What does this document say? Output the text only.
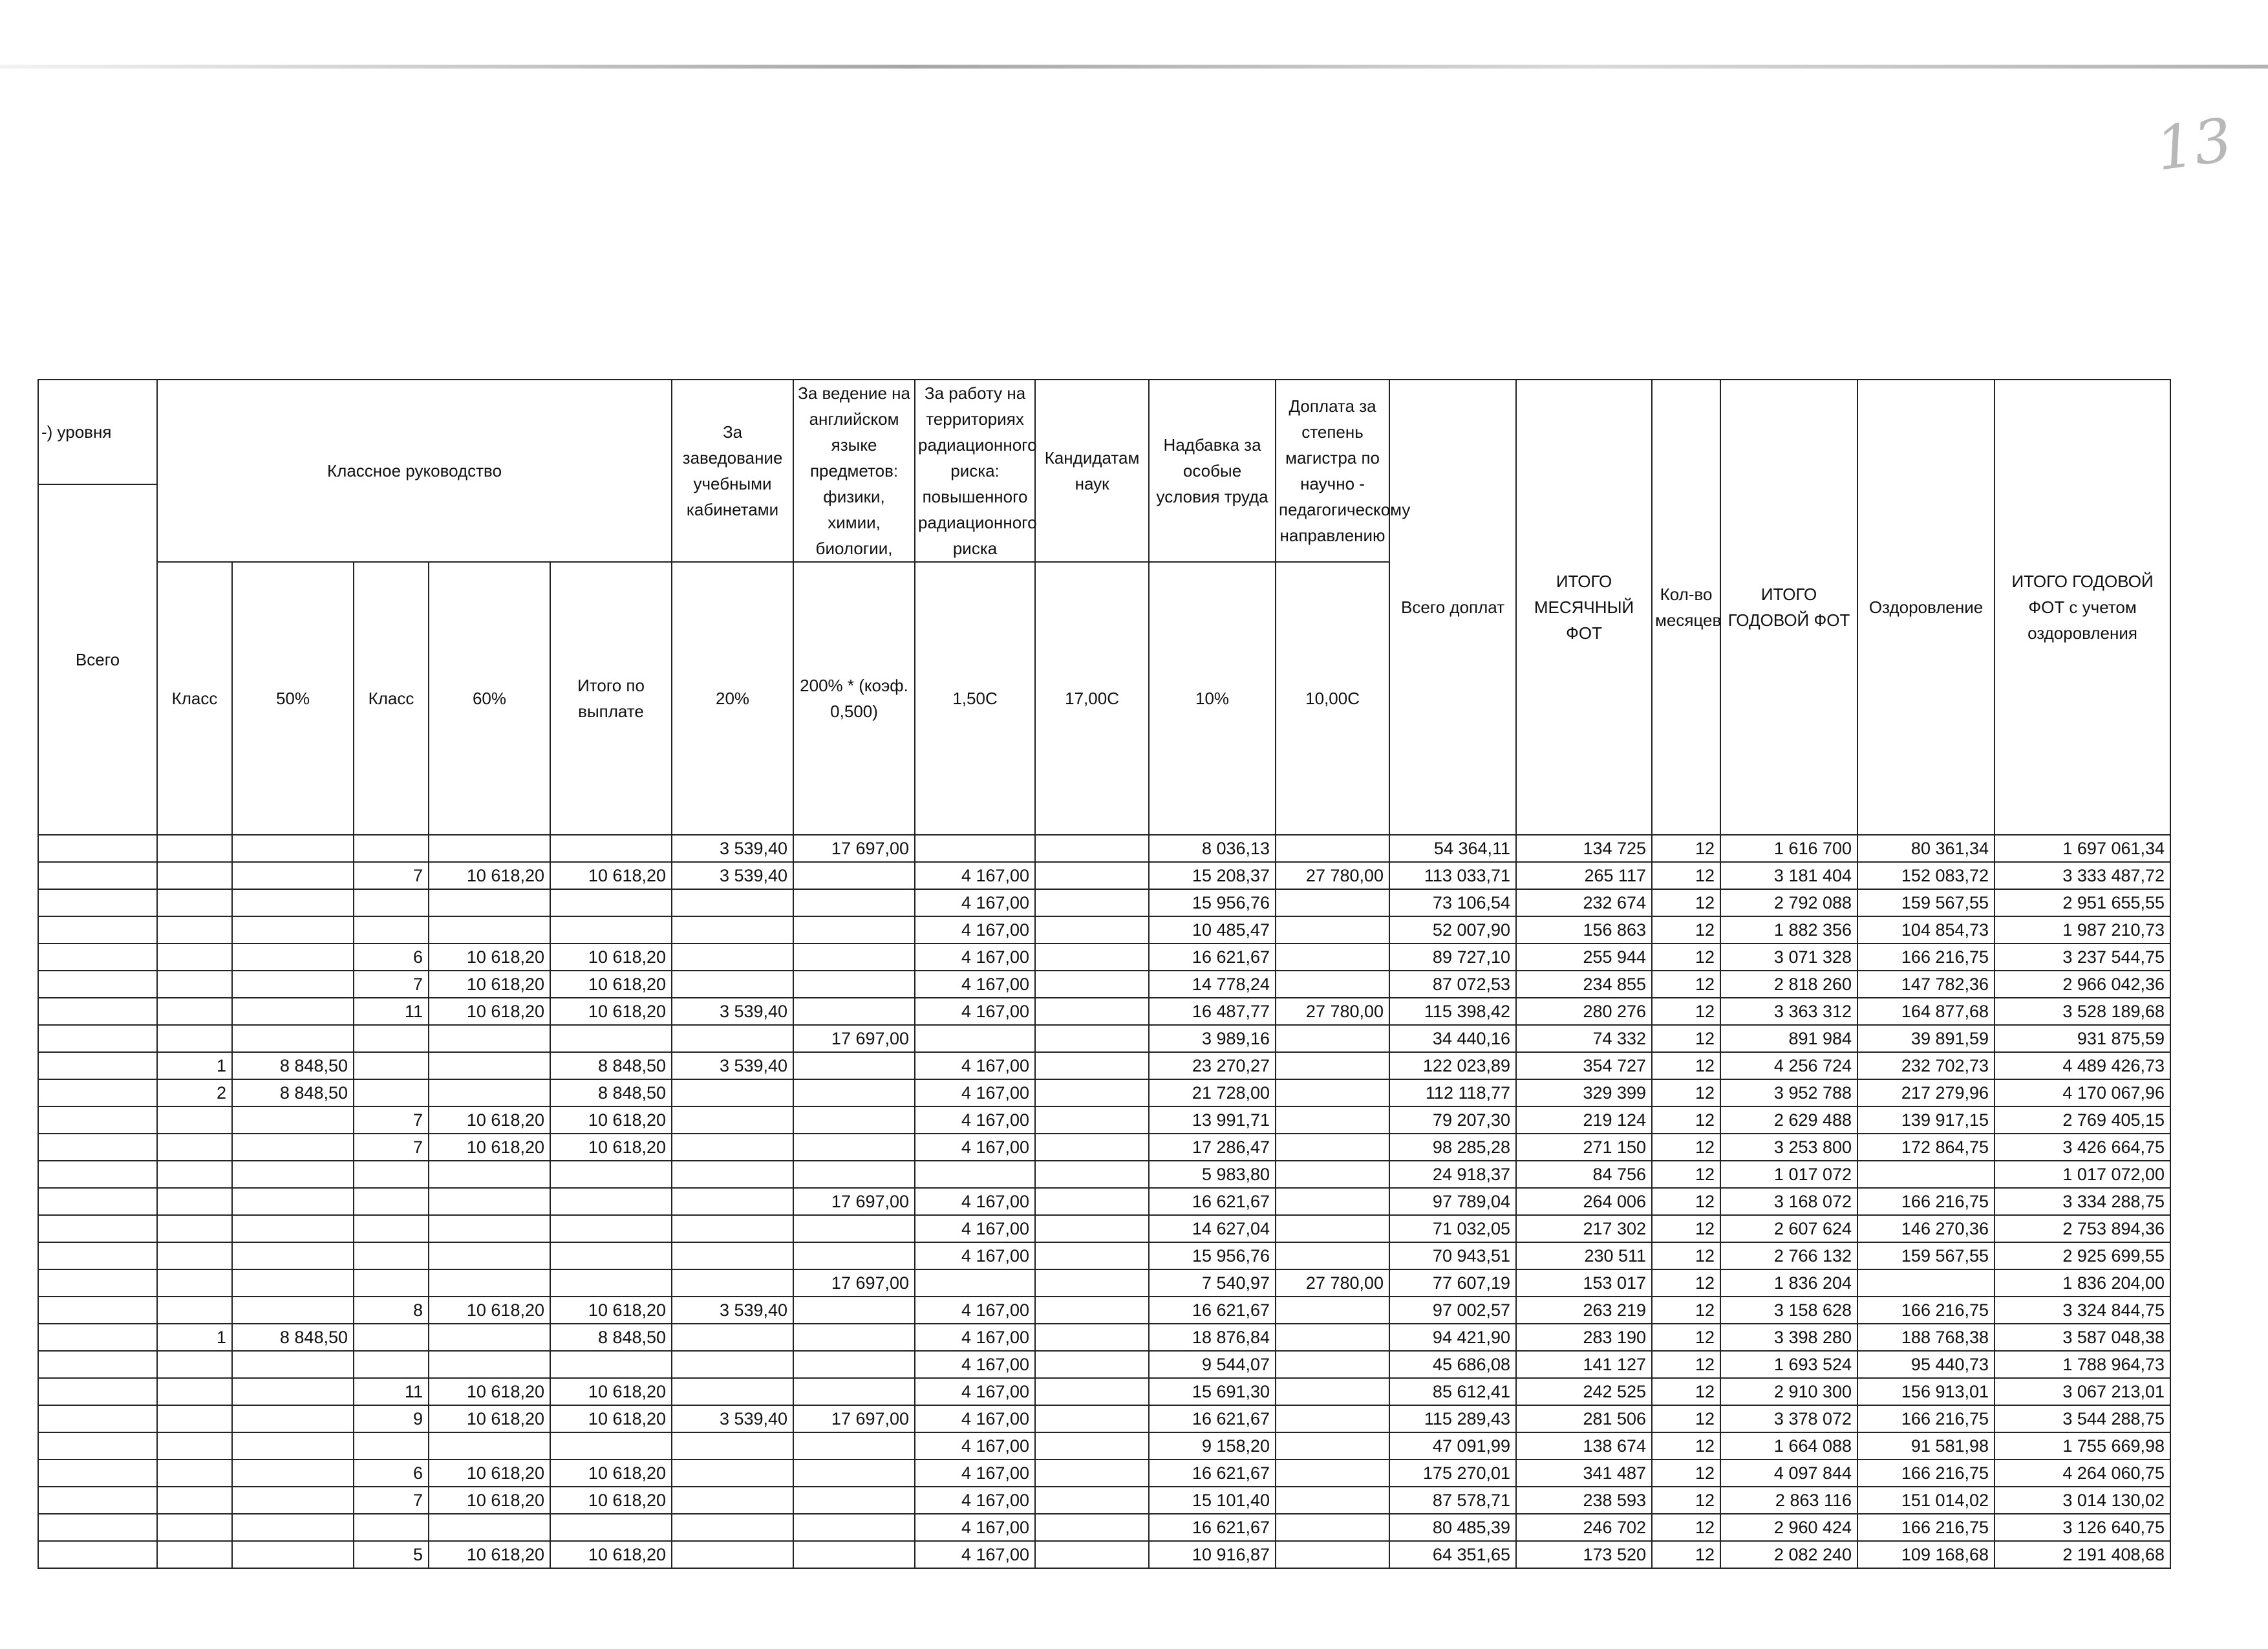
13
-) уровня	Классное руководство					За заведование учебными кабинетами	За ведение на английском языке предметов: физики, химии, биологии,	За работу на территориях радиационного риска: повышенного радиационного риска	Кандидатам наук	Надбавка за особые условия труда	Доплата за степень магистра по научно - педагогическому направлению	Всего доплат	ИТОГО МЕСЯЧНЫЙ ФОТ	Кол-во месяцев	ИТОГО ГОДОВОЙ ФОТ	Оздоровление	ИТОГО ГОДОВОЙ ФОТ с учетом оздоровления
Всего																	
	Класс	50%	Класс	60%	Итого по выплате	20%	200% * (коэф. 0,500)	1,50С	17,00С	10%	10,00С						
						3 539,40	17 697,00			8 036,13		54 364,11	134 725	12	1 616 700	80 361,34	1 697 061,34
			7	10 618,20	10 618,20	3 539,40		4 167,00		15 208,37	27 780,00	113 033,71	265 117	12	3 181 404	152 083,72	3 333 487,72
								4 167,00		15 956,76		73 106,54	232 674	12	2 792 088	159 567,55	2 951 655,55
								4 167,00		10 485,47		52 007,90	156 863	12	1 882 356	104 854,73	1 987 210,73
			6	10 618,20	10 618,20			4 167,00		16 621,67		89 727,10	255 944	12	3 071 328	166 216,75	3 237 544,75
			7	10 618,20	10 618,20			4 167,00		14 778,24		87 072,53	234 855	12	2 818 260	147 782,36	2 966 042,36
			11	10 618,20	10 618,20	3 539,40		4 167,00		16 487,77	27 780,00	115 398,42	280 276	12	3 363 312	164 877,68	3 528 189,68
							17 697,00			3 989,16		34 440,16	74 332	12	891 984	39 891,59	931 875,59
	1	8 848,50			8 848,50	3 539,40		4 167,00		23 270,27		122 023,89	354 727	12	4 256 724	232 702,73	4 489 426,73
	2	8 848,50			8 848,50			4 167,00		21 728,00		112 118,77	329 399	12	3 952 788	217 279,96	4 170 067,96
			7	10 618,20	10 618,20			4 167,00		13 991,71		79 207,30	219 124	12	2 629 488	139 917,15	2 769 405,15
			7	10 618,20	10 618,20			4 167,00		17 286,47		98 285,28	271 150	12	3 253 800	172 864,75	3 426 664,75
										5 983,80		24 918,37	84 756	12	1 017 072		1 017 072,00
							17 697,00	4 167,00		16 621,67		97 789,04	264 006	12	3 168 072	166 216,75	3 334 288,75
								4 167,00		14 627,04		71 032,05	217 302	12	2 607 624	146 270,36	2 753 894,36
								4 167,00		15 956,76		70 943,51	230 511	12	2 766 132	159 567,55	2 925 699,55
							17 697,00			7 540,97	27 780,00	77 607,19	153 017	12	1 836 204		1 836 204,00
			8	10 618,20	10 618,20	3 539,40		4 167,00		16 621,67		97 002,57	263 219	12	3 158 628	166 216,75	3 324 844,75
	1	8 848,50			8 848,50			4 167,00		18 876,84		94 421,90	283 190	12	3 398 280	188 768,38	3 587 048,38
								4 167,00		9 544,07		45 686,08	141 127	12	1 693 524	95 440,73	1 788 964,73
			11	10 618,20	10 618,20			4 167,00		15 691,30		85 612,41	242 525	12	2 910 300	156 913,01	3 067 213,01
			9	10 618,20	10 618,20	3 539,40	17 697,00	4 167,00		16 621,67		115 289,43	281 506	12	3 378 072	166 216,75	3 544 288,75
								4 167,00		9 158,20		47 091,99	138 674	12	1 664 088	91 581,98	1 755 669,98
			6	10 618,20	10 618,20			4 167,00		16 621,67		175 270,01	341 487	12	4 097 844	166 216,75	4 264 060,75
			7	10 618,20	10 618,20			4 167,00		15 101,40		87 578,71	238 593	12	2 863 116	151 014,02	3 014 130,02
								4 167,00		16 621,67		80 485,39	246 702	12	2 960 424	166 216,75	3 126 640,75
			5	10 618,20	10 618,20			4 167,00		10 916,87		64 351,65	173 520	12	2 082 240	109 168,68	2 191 408,68
